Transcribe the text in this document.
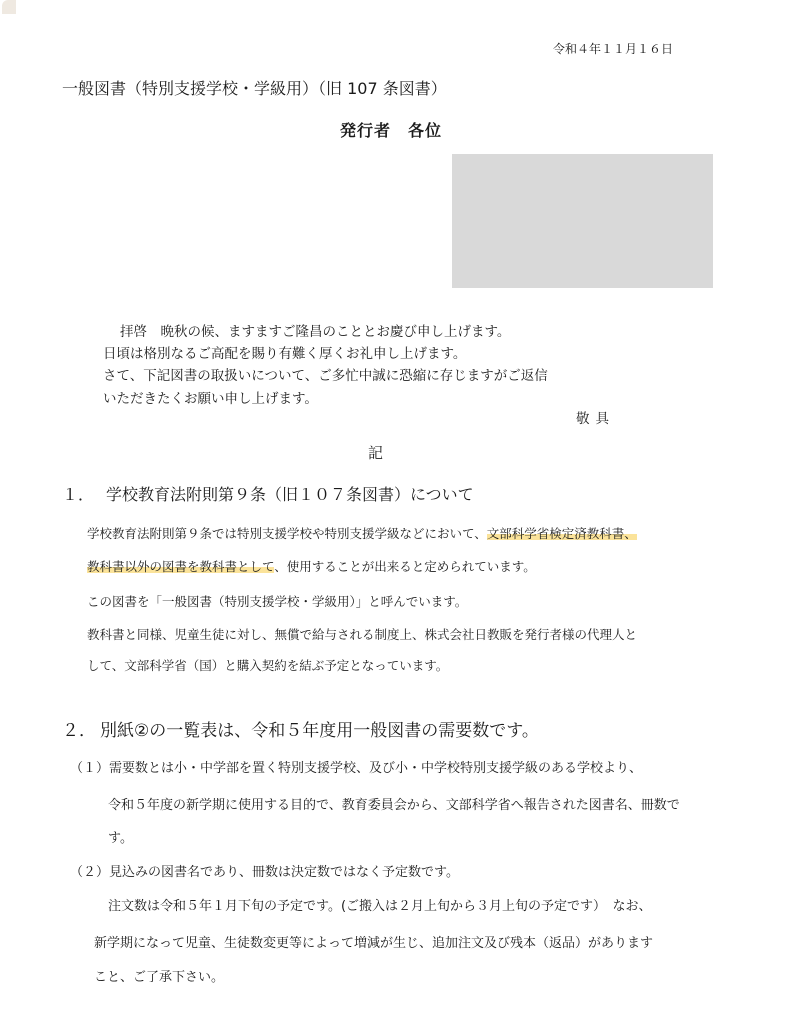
令和４年１１月１６日
一般図書（特別支援学校・学級用）（旧 107 条図書）
発行者　各位
拝啓　晩秋の候、ますますご隆昌のこととお慶び申し上げます。
日頃は格別なるご高配を賜り有難く厚くお礼申し上げます。
さて、下記図書の取扱いについて、ご多忙中誠に恐縮に存じますがご返信
いただきたくお願い申し上げます。
敬具
記
１． 学校教育法附則第９条（旧１０７条図書）について
学校教育法附則第９条では特別支援学校や特別支援学級などにおいて、文部科学省検定済教科書、
教科書以外の図書を教科書として、使用することが出来ると定められています。
この図書を「一般図書（特別支援学校・学級用）」と呼んでいます。
教科書と同様、児童生徒に対し、無償で給与される制度上、株式会社日教販を発行者様の代理人と
して、文部科学省（国）と購入契約を結ぶ予定となっています。
２． 別紙②の一覧表は、令和５年度用一般図書の需要数です。
（１）需要数とは小・中学部を置く特別支援学校、及び小・中学校特別支援学級のある学校より、
令和５年度の新学期に使用する目的で、教育委員会から、文部科学省へ報告された図書名、冊数で
す。
（２）見込みの図書名であり、冊数は決定数ではなく予定数です。
注文数は令和５年１月下旬の予定です。(ご搬入は２月上旬から３月上旬の予定です）　なお、
新学期になって児童、生徒数変更等によって増減が生じ、追加注文及び残本（返品）があります
こと、ご了承下さい。
